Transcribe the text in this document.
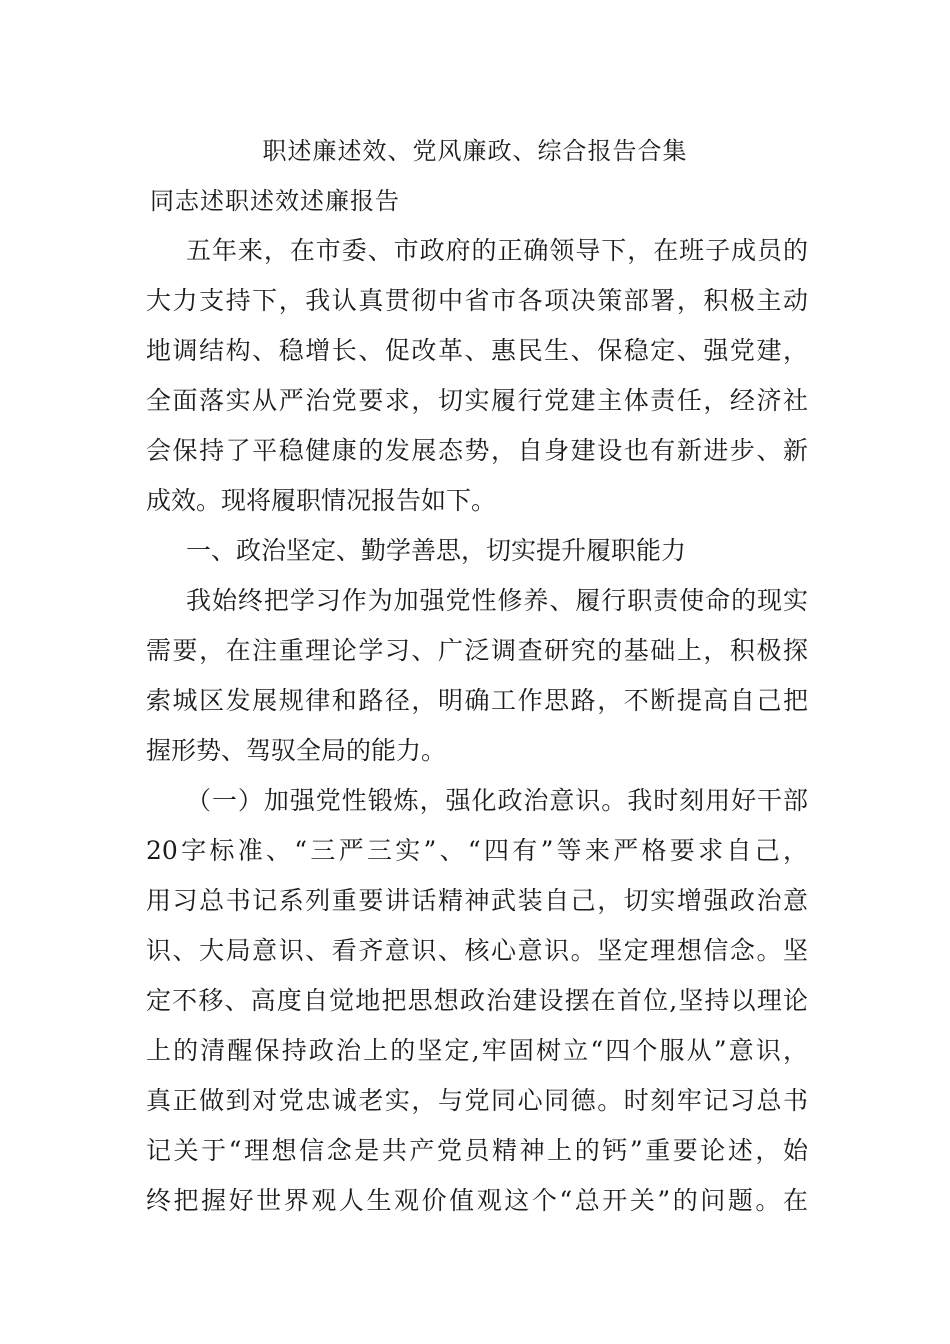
职述廉述效、党风廉政、综合报告合集
同志述职述效述廉报告
五年来，在市委、市政府的正确领导下，在班子成员的
大力支持下，我认真贯彻中省市各项决策部署，积极主动
地调结构、稳增长、促改革、惠民生、保稳定、强党建，
全面落实从严治党要求，切实履行党建主体责任，经济社
会保持了平稳健康的发展态势，自身建设也有新进步、新
成效。现将履职情况报告如下。
一、政治坚定、勤学善思，切实提升履职能力
我始终把学习作为加强党性修养、履行职责使命的现实
需要，在注重理论学习、广泛调查研究的基础上，积极探
索城区发展规律和路径，明确工作思路，不断提高自己把
握形势、驾驭全局的能力。
（一）加强党性锻炼，强化政治意识。我时刻用好干部
20字标准、“三严三实”、“四有”等来严格要求自己，
用习总书记系列重要讲话精神武装自己，切实增强政治意
识、大局意识、看齐意识、核心意识。坚定理想信念。坚
定不移、高度自觉地把思想政治建设摆在首位,坚持以理论
上的清醒保持政治上的坚定,牢固树立“四个服从”意识，
真正做到对党忠诚老实，与党同心同德。时刻牢记习总书
记关于“理想信念是共产党员精神上的钙”重要论述，始
终把握好世界观人生观价值观这个“总开关”的问题。在
